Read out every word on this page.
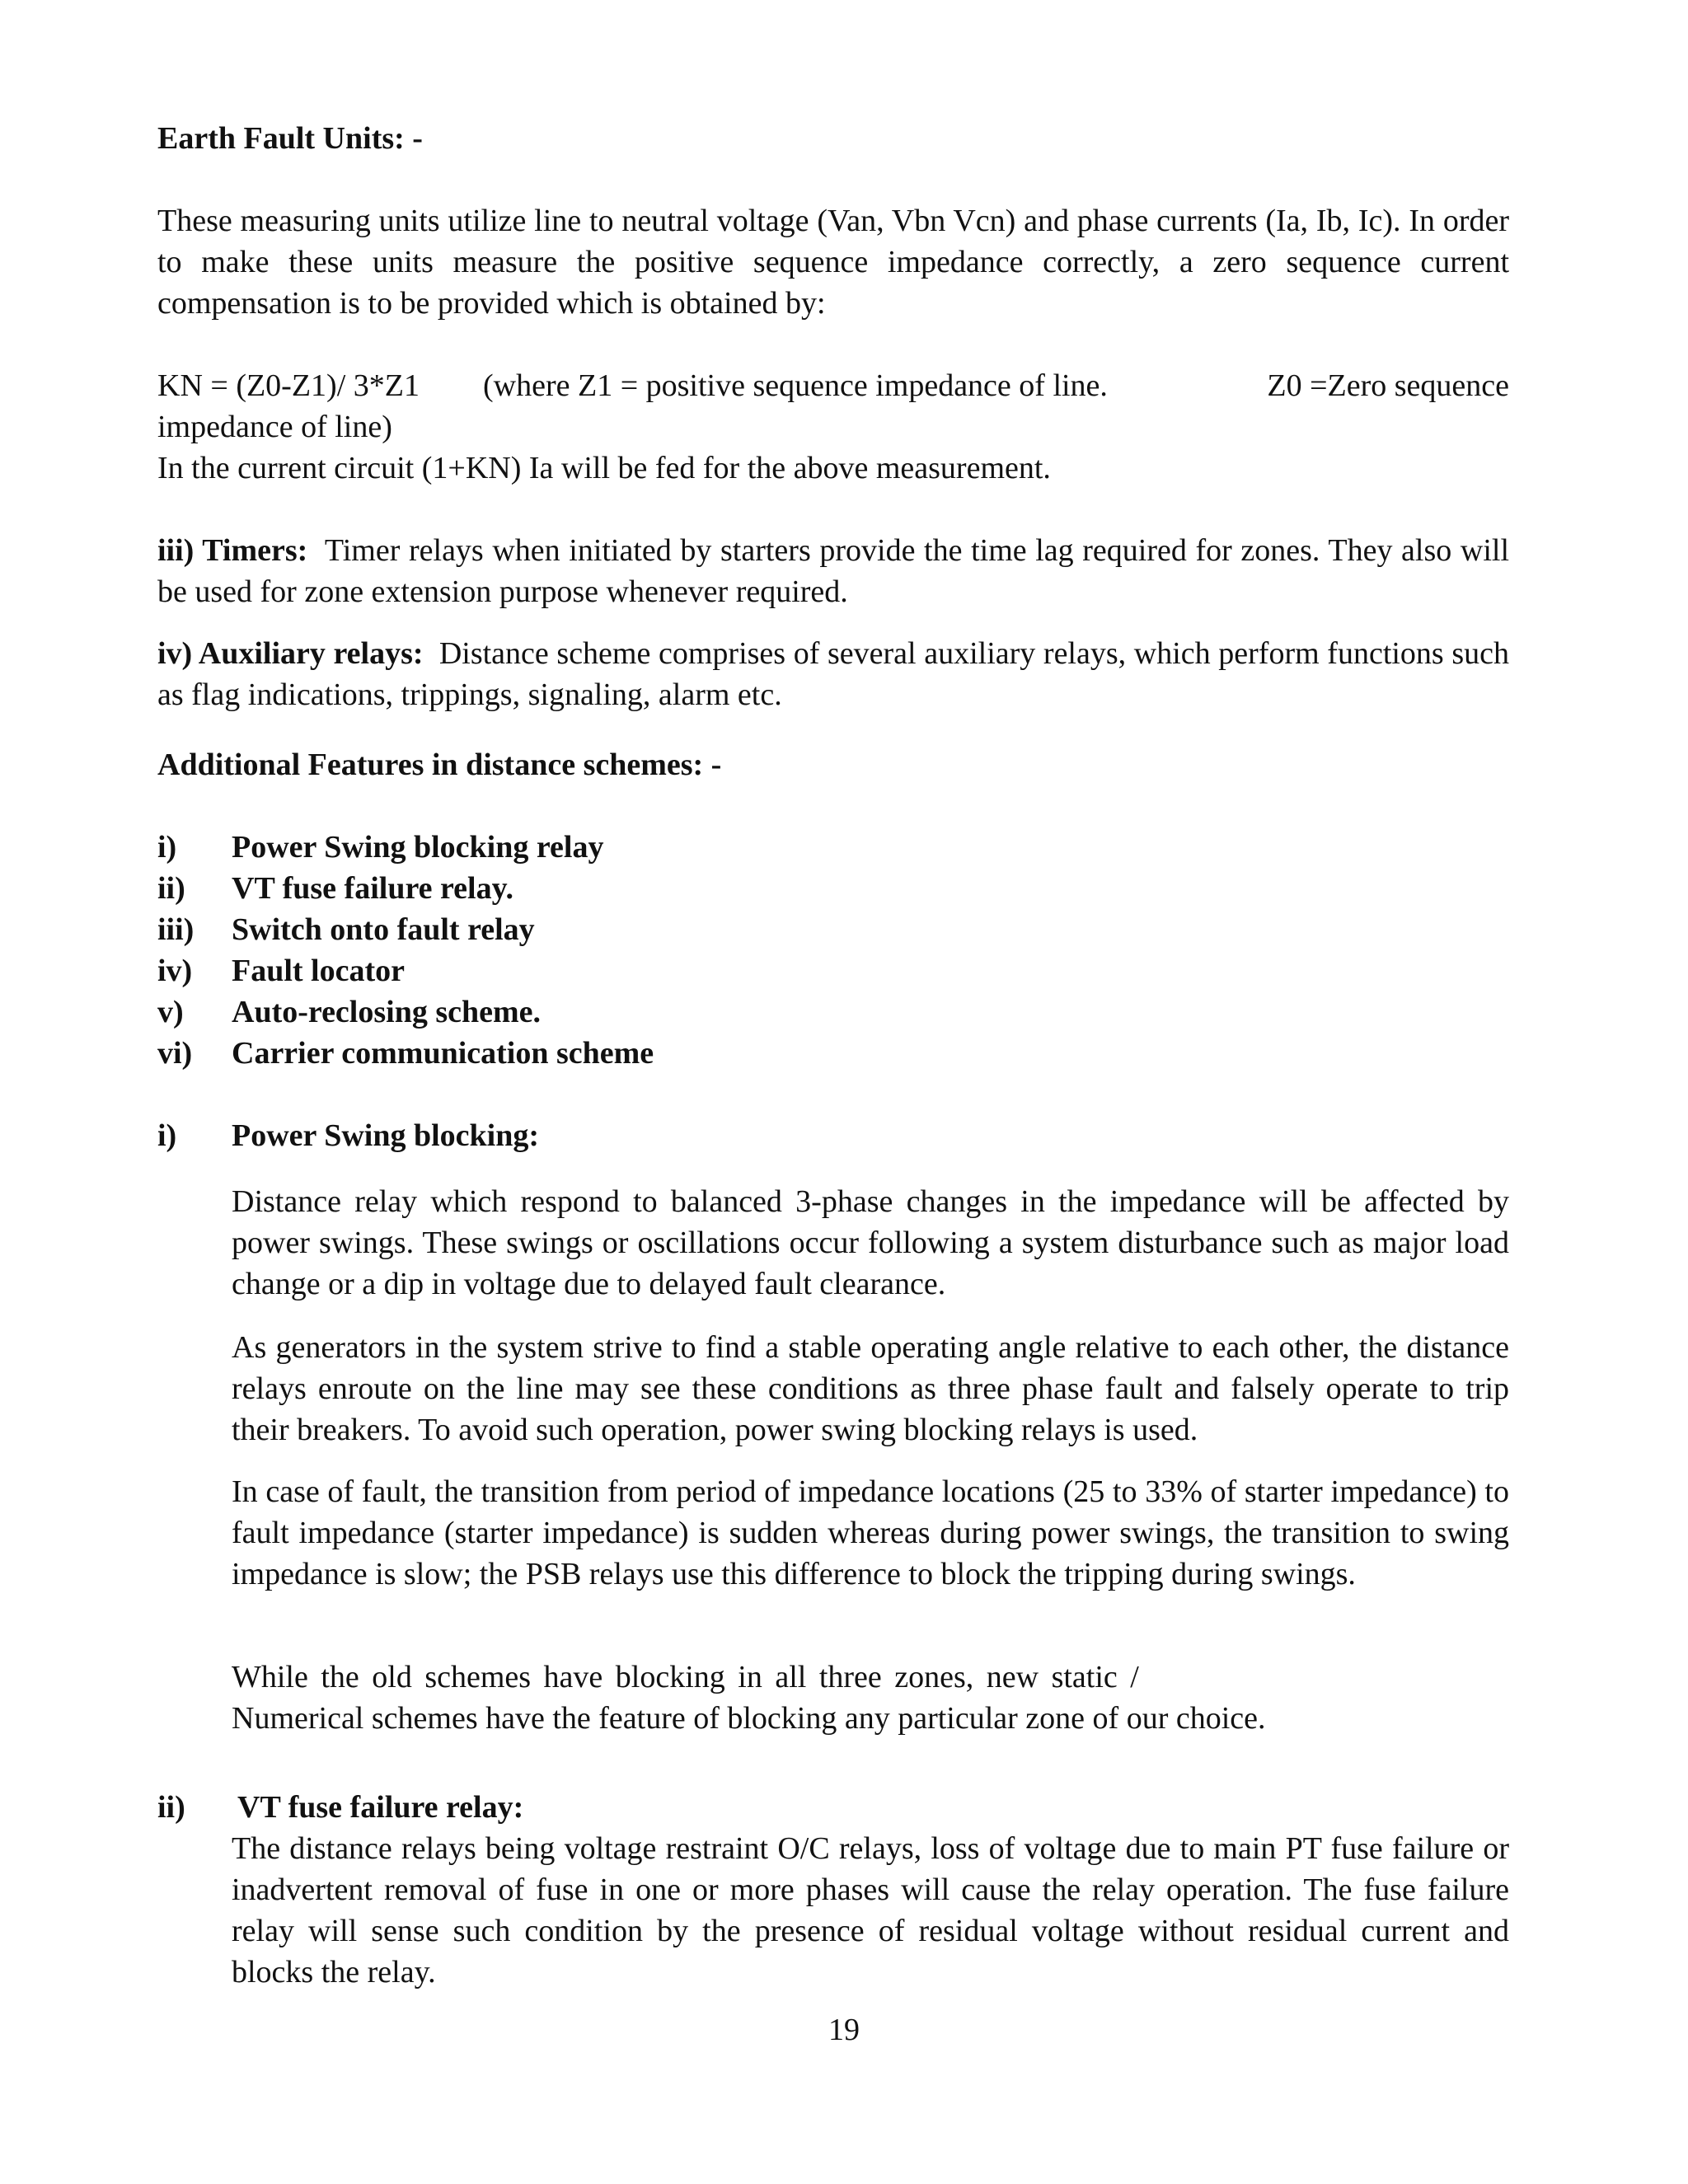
Earth Fault Units: -
These measuring units utilize line to neutral voltage (Van, Vbn Vcn) and phase currents (Ia, Ib, Ic). In order to make these units measure the positive sequence impedance correctly, a zero sequence current compensation is to be provided which is obtained by:
KN = (Z0-Z1)/ 3*Z1 (where Z1 = positive sequence impedance of line.	Z0 =Zero sequence
impedance of line)
In the current circuit (1+KN) Ia will be fed for the above measurement.
iii) Timers: Timer relays when initiated by starters provide the time lag required for zones. They also will be used for zone extension purpose whenever required.
iv) Auxiliary relays: Distance scheme comprises of several auxiliary relays, which perform functions such as flag indications, trippings, signaling, alarm etc.
Additional Features in distance schemes: -
i) Power Swing blocking relay
ii) VT fuse failure relay.
iii) Switch onto fault relay
iv) Fault locator
v) Auto-reclosing scheme.
vi) Carrier communication scheme
i) Power Swing blocking:
Distance relay which respond to balanced 3-phase changes in the impedance will be affected by power swings. These swings or oscillations occur following a system disturbance such as major load change or a dip in voltage due to delayed fault clearance.
As generators in the system strive to find a stable operating angle relative to each other, the distance relays enroute on the line may see these conditions as three phase fault and falsely operate to trip their breakers. To avoid such operation, power swing blocking relays is used.
In case of fault, the transition from period of impedance locations (25 to 33% of starter impedance) to fault impedance (starter impedance) is sudden whereas during power swings, the transition to swing impedance is slow; the PSB relays use this difference to block the tripping during swings.
While the old schemes have blocking in all three zones, new static /
Numerical schemes have the feature of blocking any particular zone of our choice.
ii) VT fuse failure relay:
The distance relays being voltage restraint O/C relays, loss of voltage due to main PT fuse failure or inadvertent removal of fuse in one or more phases will cause the relay operation. The fuse failure relay will sense such condition by the presence of residual voltage without residual current and blocks the relay.
19
